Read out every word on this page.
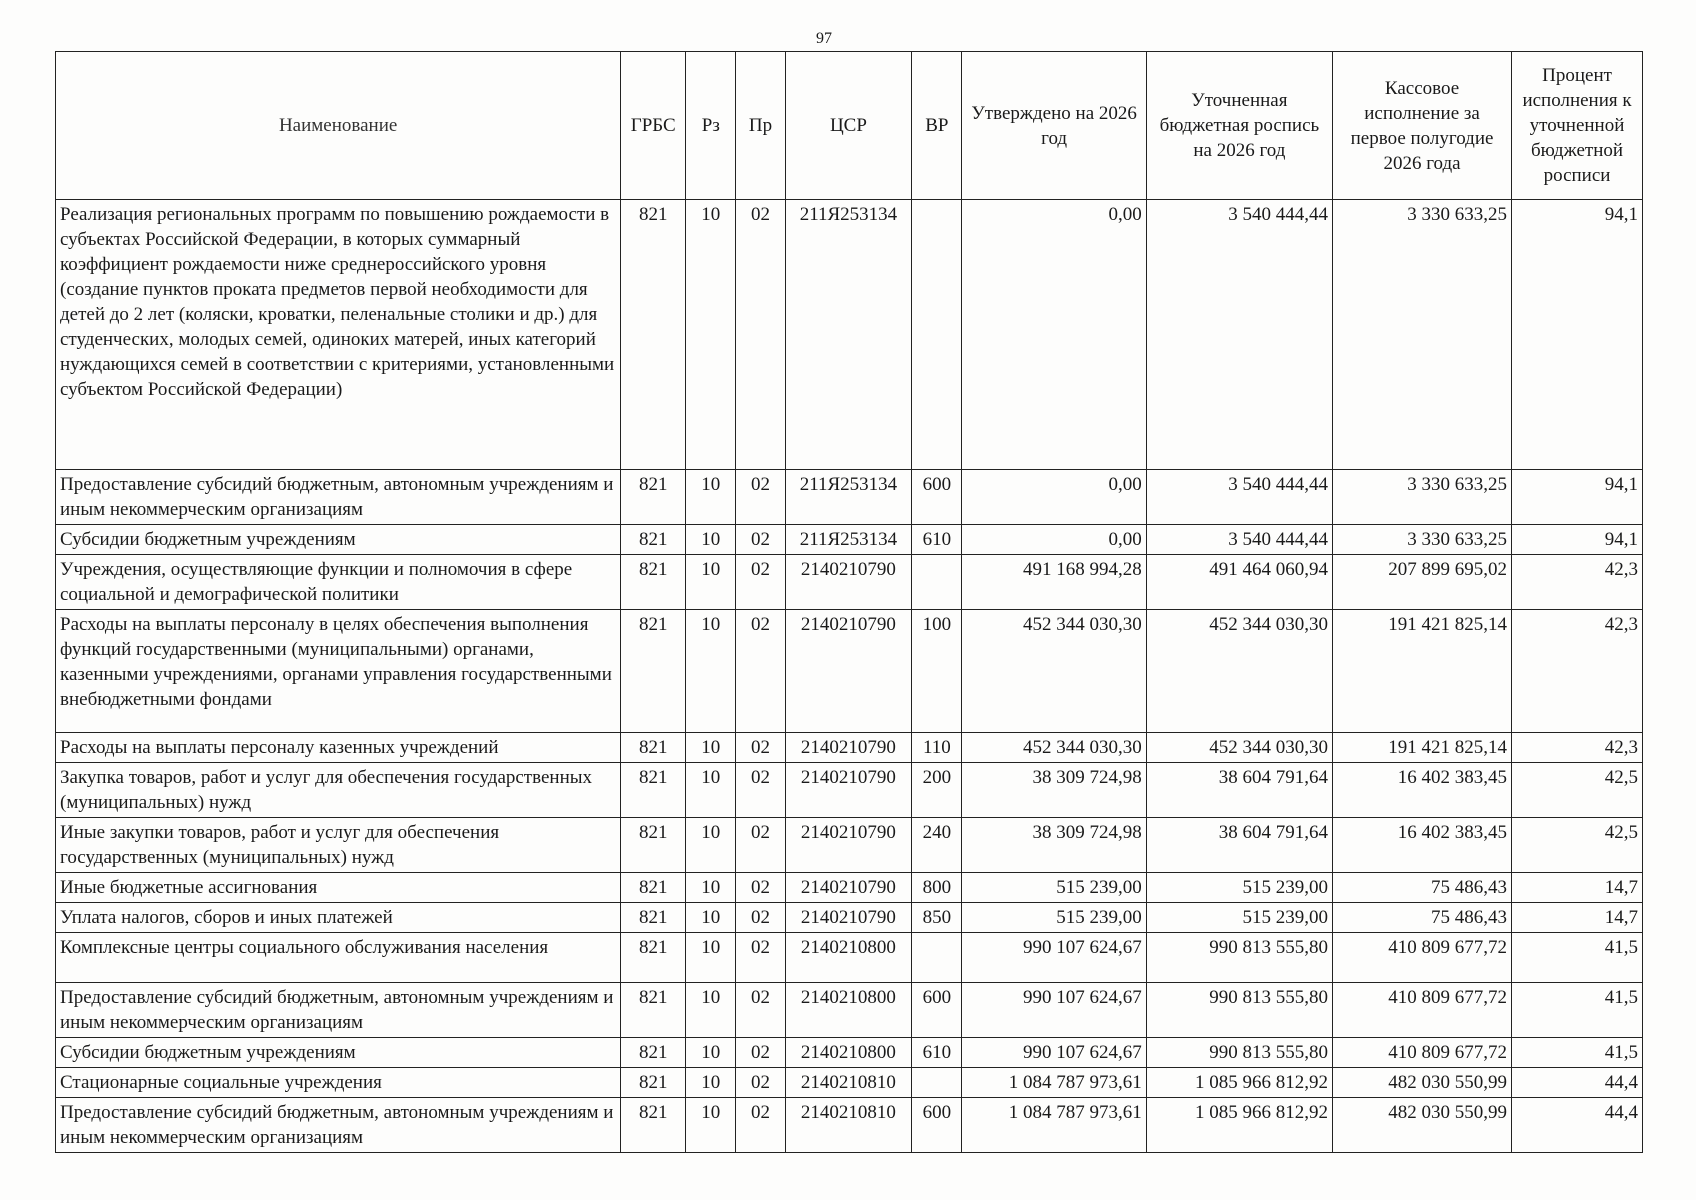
97
Наименование	ГРБС	Рз	Пр	ЦСР	ВР	Утверждено на 2026 год	Уточненная бюджетная роспись на 2026 год	Кассовое исполнение за первое полугодие 2026 года	Процент исполнения к уточненной бюджетной росписи
Реализация региональных программ по повышению рождаемости в субъектах Российской Федерации, в которых суммарный коэффициент рождаемости ниже среднероссийского уровня (создание пунктов проката предметов первой необходимости для детей до 2 лет (коляски, кроватки, пеленальные столики и др.) для студенческих, молодых семей, одиноких матерей, иных категорий нуждающихся семей в соответствии с критериями, установленными субъектом Российской Федерации)	821	10	02	211Я253134		0,00	3 540 444,44	3 330 633,25	94,1
Предоставление субсидий бюджетным, автономным учреждениям и иным некоммерческим организациям	821	10	02	211Я253134	600	0,00	3 540 444,44	3 330 633,25	94,1
Субсидии бюджетным учреждениям	821	10	02	211Я253134	610	0,00	3 540 444,44	3 330 633,25	94,1
Учреждения, осуществляющие функции и полномочия в сфере социальной и демографической политики	821	10	02	2140210790		491 168 994,28	491 464 060,94	207 899 695,02	42,3
Расходы на выплаты персоналу в целях обеспечения выполнения функций государственными (муниципальными) органами, казенными учреждениями, органами управления государственными внебюджетными фондами	821	10	02	2140210790	100	452 344 030,30	452 344 030,30	191 421 825,14	42,3
Расходы на выплаты персоналу казенных учреждений	821	10	02	2140210790	110	452 344 030,30	452 344 030,30	191 421 825,14	42,3
Закупка товаров, работ и услуг для обеспечения государственных (муниципальных) нужд	821	10	02	2140210790	200	38 309 724,98	38 604 791,64	16 402 383,45	42,5
Иные закупки товаров, работ и услуг для обеспечения государственных (муниципальных) нужд	821	10	02	2140210790	240	38 309 724,98	38 604 791,64	16 402 383,45	42,5
Иные бюджетные ассигнования	821	10	02	2140210790	800	515 239,00	515 239,00	75 486,43	14,7
Уплата налогов, сборов и иных платежей	821	10	02	2140210790	850	515 239,00	515 239,00	75 486,43	14,7
Комплексные центры социального обслуживания населения	821	10	02	2140210800		990 107 624,67	990 813 555,80	410 809 677,72	41,5
Предоставление субсидий бюджетным, автономным учреждениям и иным некоммерческим организациям	821	10	02	2140210800	600	990 107 624,67	990 813 555,80	410 809 677,72	41,5
Субсидии бюджетным учреждениям	821	10	02	2140210800	610	990 107 624,67	990 813 555,80	410 809 677,72	41,5
Стационарные социальные учреждения	821	10	02	2140210810		1 084 787 973,61	1 085 966 812,92	482 030 550,99	44,4
Предоставление субсидий бюджетным, автономным учреждениям и иным некоммерческим организациям	821	10	02	2140210810	600	1 084 787 973,61	1 085 966 812,92	482 030 550,99	44,4
